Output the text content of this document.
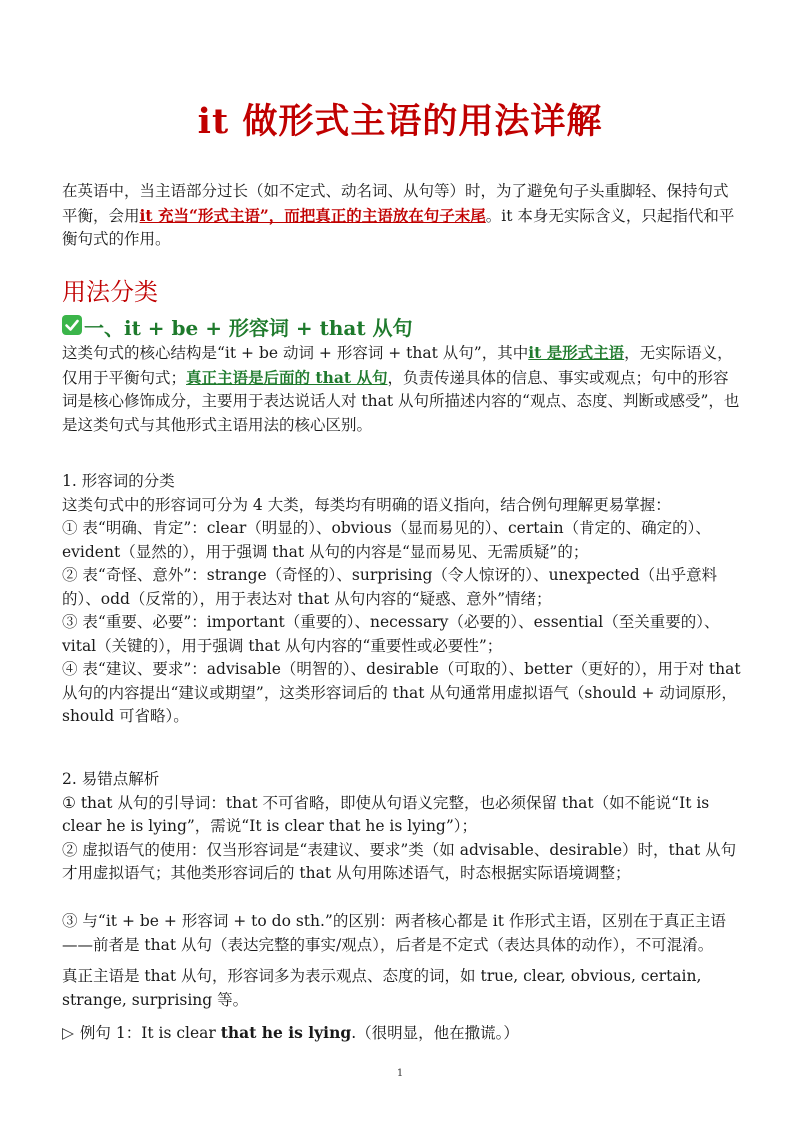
it 做形式主语的用法详解

在英语中，当主语部分过长（如不定式、动名词、从句等）时，为了避免句子头重脚轻、保持句式平衡，会用it 充当“形式主语”，而把真正的主语放在句子末尾。it 本身无实际含义，只起指代和平衡句式的作用。

用法分类
一、it + be + 形容词 + that 从句

这类句式的核心结构是“it + be 动词 + 形容词 + that 从句”，其中it 是形式主语，无实际语义，仅用于平衡句式；真正主语是后面的 that 从句，负责传递具体的信息、事实或观点；句中的形容词是核心修饰成分，主要用于表达说话人对 that 从句所描述内容的“观点、态度、判断或感受”，也是这类句式与其他形式主语用法的核心区别。

1. 形容词的分类

这类句式中的形容词可分为 4 大类，每类均有明确的语义指向，结合例句理解更易掌握：

① 表“明确、肯定”：clear（明显的）、obvious（显而易见的）、certain（肯定的、确定的）、evident（显然的），用于强调 that 从句的内容是“显而易见、无需质疑”的；

② 表“奇怪、意外”：strange（奇怪的）、surprising（令人惊讶的）、unexpected（出乎意料的）、odd（反常的），用于表达对 that 从句内容的“疑惑、意外”情绪；

③ 表“重要、必要”：important（重要的）、necessary（必要的）、essential（至关重要的）、vital（关键的），用于强调 that 从句内容的“重要性或必要性”；

④ 表“建议、要求”：advisable（明智的）、desirable（可取的）、better（更好的），用于对 that 从句的内容提出“建议或期望”，这类形容词后的 that 从句通常用虚拟语气（should + 动词原形，should 可省略）。

2. 易错点解析

① that 从句的引导词：that 不可省略，即使从句语义完整，也必须保留 that（如不能说“It is clear he is lying”，需说“It is clear that he is lying”）；

② 虚拟语气的使用：仅当形容词是“表建议、要求”类（如 advisable、desirable）时，that 从句才用虚拟语气；其他类形容词后的 that 从句用陈述语气，时态根据实际语境调整；

③ 与“it + be + 形容词 + to do sth.”的区别：两者核心都是 it 作形式主语，区别在于真正主语——前者是 that 从句（表达完整的事实/观点），后者是不定式（表达具体的动作），不可混淆。

真正主语是 that 从句，形容词多为表示观点、态度的词，如 true, clear, obvious, certain, strange, surprising 等。

▷ 例句 1：It is clear that he is lying.（很明显，他在撒谎。）

1
